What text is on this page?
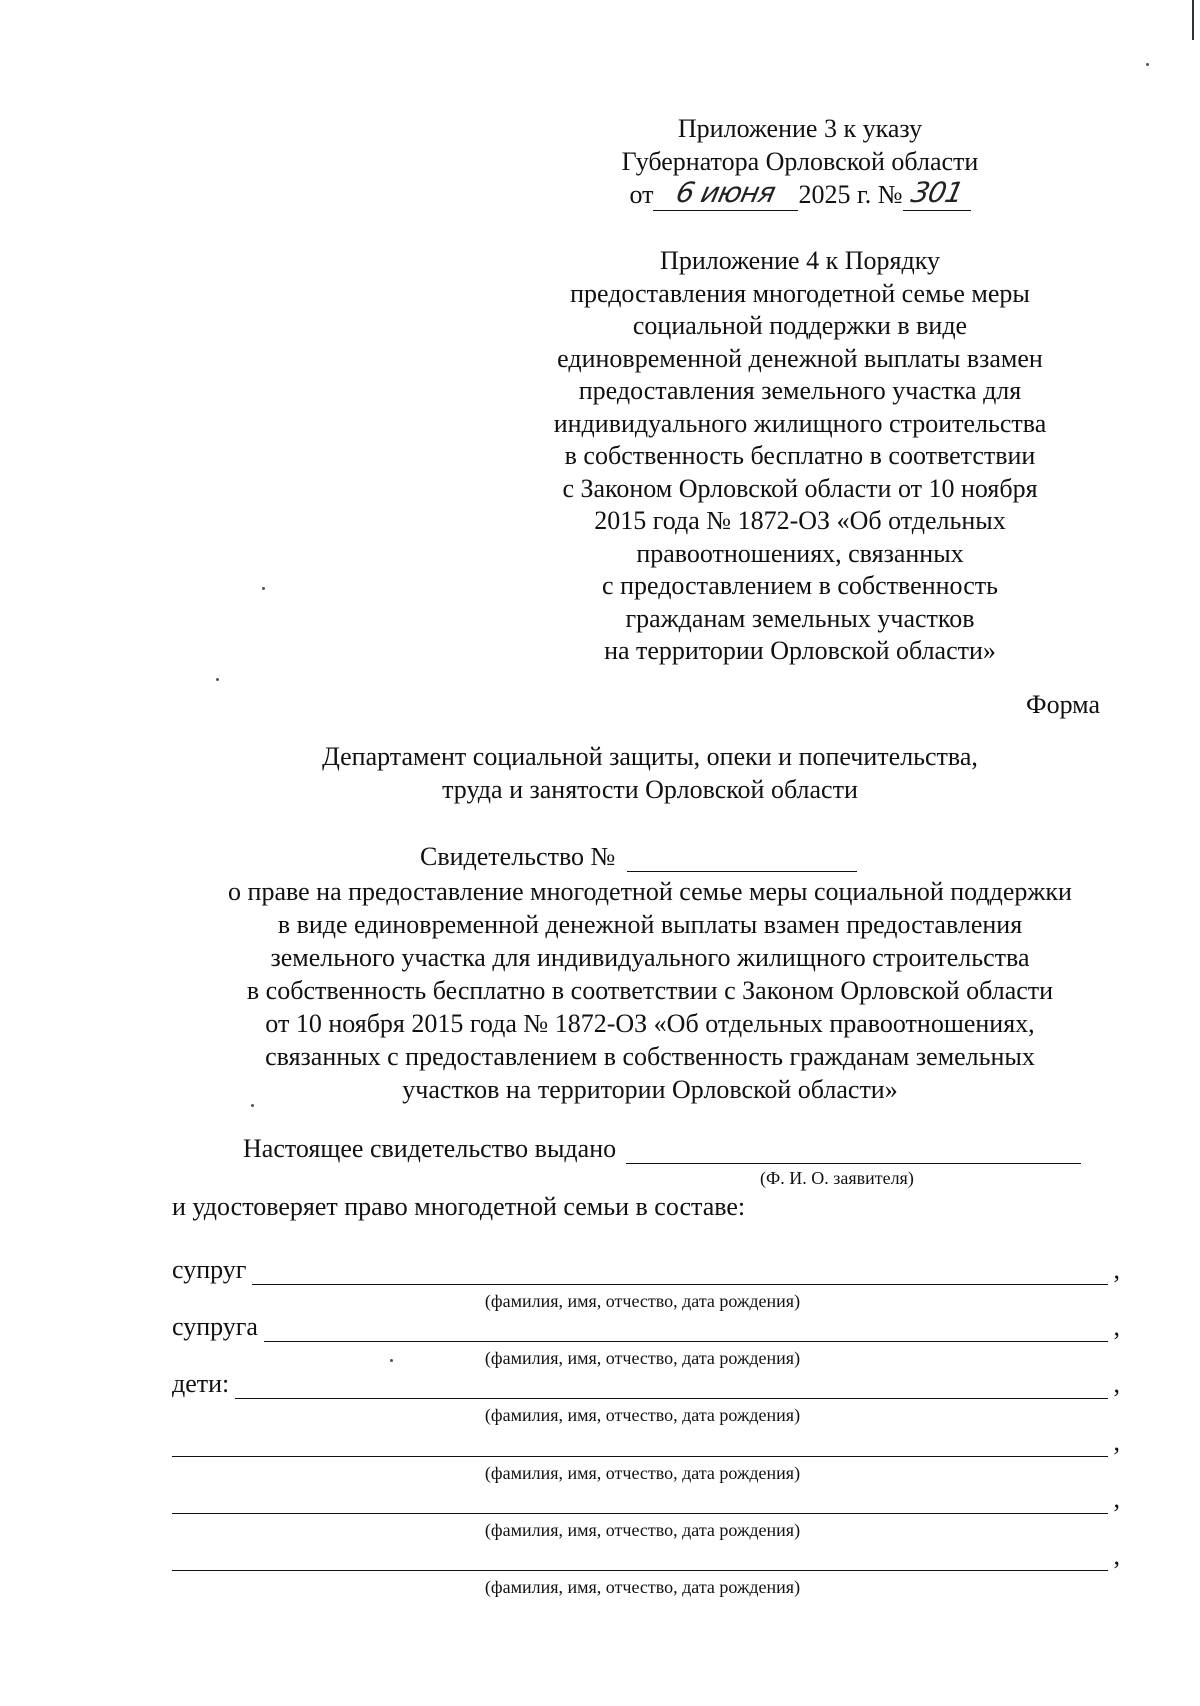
Приложение 3 к указу
Губернатора Орловской области
от 6 июня 2025 г. № 301
Приложение 4 к Порядку
предоставления многодетной семье меры
социальной поддержки в виде
единовременной денежной выплаты взамен
предоставления земельного участка для
индивидуального жилищного строительства
в собственность бесплатно в соответствии
с Законом Орловской области от 10 ноября
2015 года № 1872-ОЗ «Об отдельных
правоотношениях, связанных
с предоставлением в собственность
гражданам земельных участков
на территории Орловской области»
Форма
Департамент социальной защиты, опеки и попечительства,
труда и занятости Орловской области
Свидетельство №
о праве на предоставление многодетной семье меры социальной поддержки
в виде единовременной денежной выплаты взамен предоставления
земельного участка для индивидуального жилищного строительства
в собственность бесплатно в соответствии с Законом Орловской области
от 10 ноября 2015 года № 1872-ОЗ «Об отдельных правоотношениях,
связанных с предоставлением в собственность гражданам земельных
участков на территории Орловской области»
Настоящее свидетельство выдано
(Ф. И. О. заявителя)
и удостоверяет право многодетной семьи в составе:
супруг	,
(фамилия, имя, отчество, дата рождения)
супруга	,
(фамилия, имя, отчество, дата рождения)
дети:	,
(фамилия, имя, отчество, дата рождения)
,
(фамилия, имя, отчество, дата рождения)
,
(фамилия, имя, отчество, дата рождения)
,
(фамилия, имя, отчество, дата рождения)
